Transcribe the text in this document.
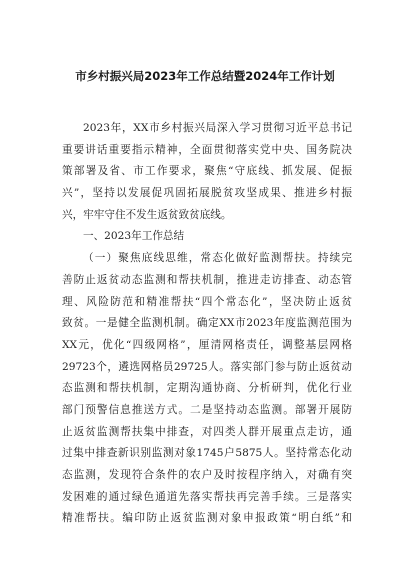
市乡村振兴局2023年工作总结暨2024年工作计划
2023年，XX市乡村振兴局深入学习贯彻习近平总书记
重要讲话重要指示精神，全面贯彻落实党中央、国务院决
策部署及省、市工作要求，聚焦“守底线、抓发展、促振
兴”，坚持以发展促巩固拓展脱贫攻坚成果、推进乡村振
兴，牢牢守住不发生返贫致贫底线。
一、2023年工作总结
（一）聚焦底线思维，常态化做好监测帮扶。持续完
善防止返贫动态监测和帮扶机制，推进走访排查、动态管
理、风险防范和精准帮扶“四个常态化”，坚决防止返贫
致贫。一是健全监测机制。确定XX市2023年度监测范围为
XX元，优化“四级网格”，厘清网格责任，调整基层网格
29723个，遴选网格员29725人。落实部门参与防止返贫动
态监测和帮扶机制，定期沟通协商、分析研判，优化行业
部门预警信息推送方式。二是坚持动态监测。部署开展防
止返贫监测帮扶集中排查，对四类人群开展重点走访，通
过集中排查新识别监测对象1745户5875人。坚持常态化动
态监测，发现符合条件的农户及时按程序纳入，对确有突
发困难的通过绿色通道先落实帮扶再完善手续。三是落实
精准帮扶。编印防止返贫监测对象申报政策“明白纸”和
